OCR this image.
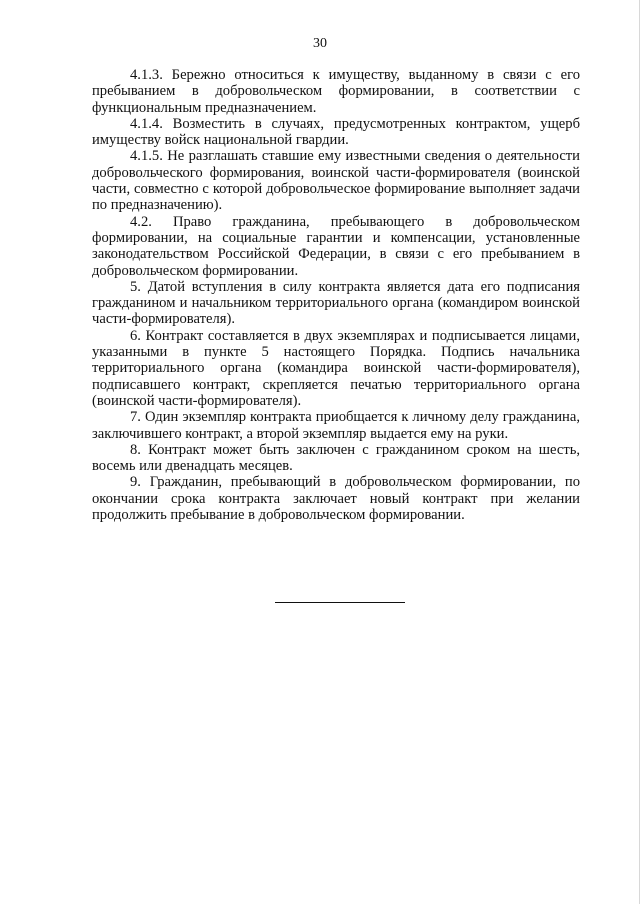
30

4.1.3. Бережно относиться к имуществу, выданному в связи с его пребыванием в добровольческом формировании, в соответствии с функциональным предназначением.

4.1.4. Возместить в случаях, предусмотренных контрактом, ущерб имуществу войск национальной гвардии.

4.1.5. Не разглашать ставшие ему известными сведения о деятельности добровольческого формирования, воинской части-формирователя (воинской части, совместно с которой добровольческое формирование выполняет задачи по предназначению).

4.2. Право гражданина, пребывающего в добровольческом формировании, на социальные гарантии и компенсации, установленные законодательством Российской Федерации, в связи с его пребыванием в добровольческом формировании.

5. Датой вступления в силу контракта является дата его подписания гражданином и начальником территориального органа (командиром воинской части-формирователя).

6. Контракт составляется в двух экземплярах и подписывается лицами, указанными в пункте 5 настоящего Порядка. Подпись начальника территориального органа (командира воинской части-формирователя), подписавшего контракт, скрепляется печатью территориального органа (воинской части-формирователя).

7. Один экземпляр контракта приобщается к личному делу гражданина, заключившего контракт, а второй экземпляр выдается ему на руки.

8. Контракт может быть заключен с гражданином сроком на шесть, восемь или двенадцать месяцев.

9. Гражданин, пребывающий в добровольческом формировании, по окончании срока контракта заключает новый контракт при желании продолжить пребывание в добровольческом формировании.
